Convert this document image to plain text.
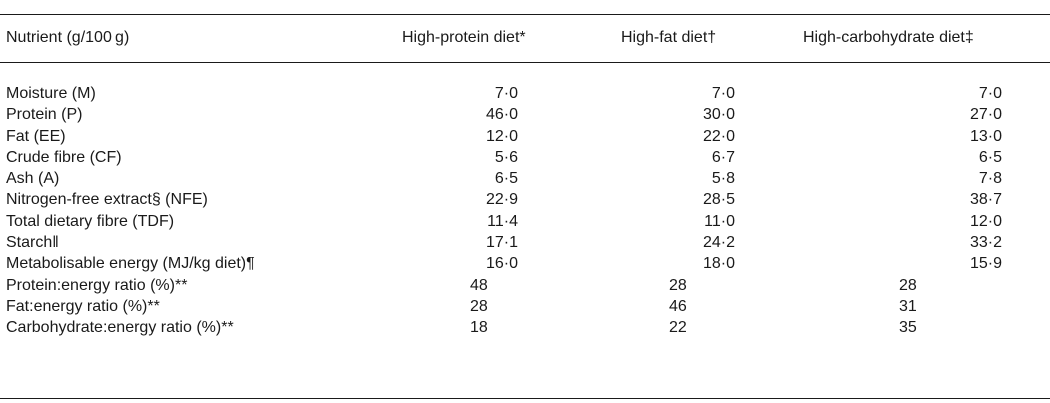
Nutrient (g/100 g)	High-protein diet*	High-fat diet†	High-carbohydrate diet‡
Moisture (M)	7·0	7·0	7·0
Protein (P)	46·0	30·0	27·0
Fat (EE)	12·0	22·0	13·0
Crude fibre (CF)	5·6	6·7	6·5
Ash (A)	6·5	5·8	7·8
Nitrogen-free extract§ (NFE)	22·9	28·5	38·7
Total dietary fibre (TDF)	11·4	11·0	12·0
Starch‖	17·1	24·2	33·2
Metabolisable energy (MJ/kg diet)¶	16·0	18·0	15·9
Protein:energy ratio (%)**	48	28	28
Fat:energy ratio (%)**	28	46	31
Carbohydrate:energy ratio (%)**	18	22	35
